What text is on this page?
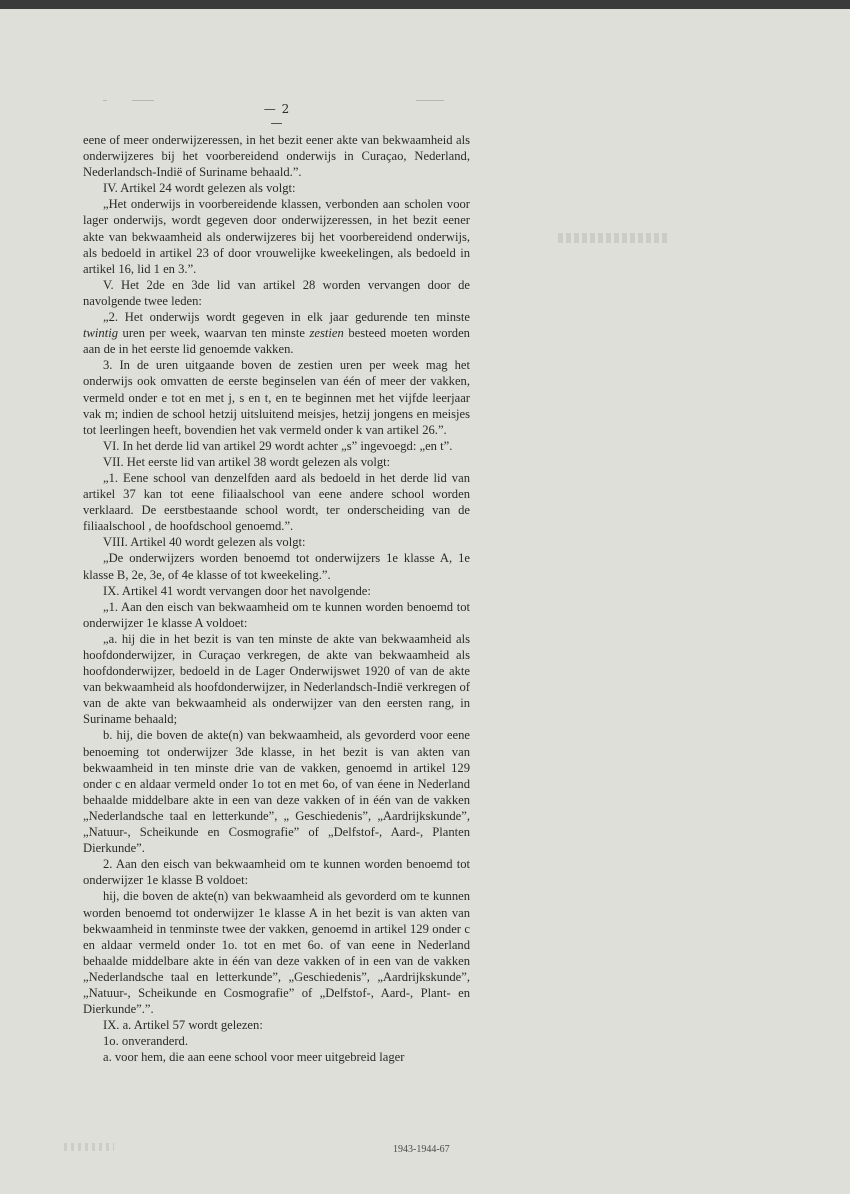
— 2 —

eene of meer onderwijzeressen, in het bezit eener akte van bekwaamheid als onderwijzeres bij het voorbereidend onderwijs in Curaçao, Nederland, Nederlandsch-Indië of Suriname behaald.”.

IV. Artikel 24 wordt gelezen als volgt:

„Het onderwijs in voorbereidende klassen, verbonden aan scholen voor lager onderwijs, wordt gegeven door onderwijzeressen, in het bezit eener akte van bekwaamheid als onderwijzeres bij het voorbereidend onderwijs, als bedoeld in artikel 23 of door vrouwelijke kweekelingen, als bedoeld in artikel 16, lid 1 en 3.”.

V. Het 2de en 3de lid van artikel 28 worden vervangen door de navolgende twee leden:

„2. Het onderwijs wordt gegeven in elk jaar gedurende ten minste twintig uren per week, waarvan ten minste zestien besteed moeten worden aan de in het eerste lid genoemde vakken.

3. In de uren uitgaande boven de zestien uren per week mag het onderwijs ook omvatten de eerste beginselen van één of meer der vakken, vermeld onder e tot en met j, s en t, en te beginnen met het vijfde leerjaar vak m; indien de school hetzij uitsluitend meisjes, hetzij jongens en meisjes tot leerlingen heeft, bovendien het vak vermeld onder k van artikel 26.”.

VI. In het derde lid van artikel 29 wordt achter „s” ingevoegd: „en t”.

VII. Het eerste lid van artikel 38 wordt gelezen als volgt:

„1. Eene school van denzelfden aard als bedoeld in het derde lid van artikel 37 kan tot eene filiaalschool van eene andere school worden verklaard. De eerstbestaande school wordt, ter onderscheiding van de filiaalschool , de hoofdschool genoemd.”.

VIII. Artikel 40 wordt gelezen als volgt:

„De onderwijzers worden benoemd tot onderwijzers 1e klasse A, 1e klasse B, 2e, 3e, of 4e klasse of tot kweekeling.”.

IX. Artikel 41 wordt vervangen door het navolgende:

„1. Aan den eisch van bekwaamheid om te kunnen worden benoemd tot onderwijzer 1e klasse A voldoet:

„a. hij die in het bezit is van ten minste de akte van bekwaamheid als hoofdonderwijzer, in Curaçao verkregen, de akte van bekwaamheid als hoofdonderwijzer, bedoeld in de Lager Onderwijswet 1920 of van de akte van bekwaamheid als hoofdonderwijzer, in Nederlandsch-Indië verkregen of van de akte van bekwaamheid als onderwijzer van den eersten rang, in Suriname behaald;

b. hij, die boven de akte(n) van bekwaamheid, als gevorderd voor eene benoeming tot onderwijzer 3de klasse, in het bezit is van akten van bekwaamheid in ten minste drie van de vakken, genoemd in artikel 129 onder c en aldaar vermeld onder 1o tot en met 6o, of van éene in Nederland behaalde middelbare akte in een van deze vakken of in één van de vakken „Nederlandsche taal en letterkunde”, „ Geschiedenis”, „Aardrijkskunde”, „Natuur-, Scheikunde en Cosmografie” of „Delfstof-, Aard-, Planten Dierkunde”.

2. Aan den eisch van bekwaamheid om te kunnen worden benoemd tot onderwijzer 1e klasse B voldoet:

hij, die boven de akte(n) van bekwaamheid als gevorderd om te kunnen worden benoemd tot onderwijzer 1e klasse A in het bezit is van akten van bekwaamheid in tenminste twee der vakken, genoemd in artikel 129 onder c en aldaar vermeld onder 1o. tot en met 6o. of van eene in Nederland behaalde middelbare akte in één van deze vakken of in een van de vakken „Nederlandsche taal en letterkunde”, „Geschiedenis”, „Aardrijkskunde”, „Natuur-, Scheikunde en Cosmografie” of „Delfstof-, Aard-, Plant- en Dierkunde”.”.

IX. a. Artikel 57 wordt gelezen:

1o. onveranderd.

a. voor hem, die aan eene school voor meer uitgebreid lager

1943-1944-67
